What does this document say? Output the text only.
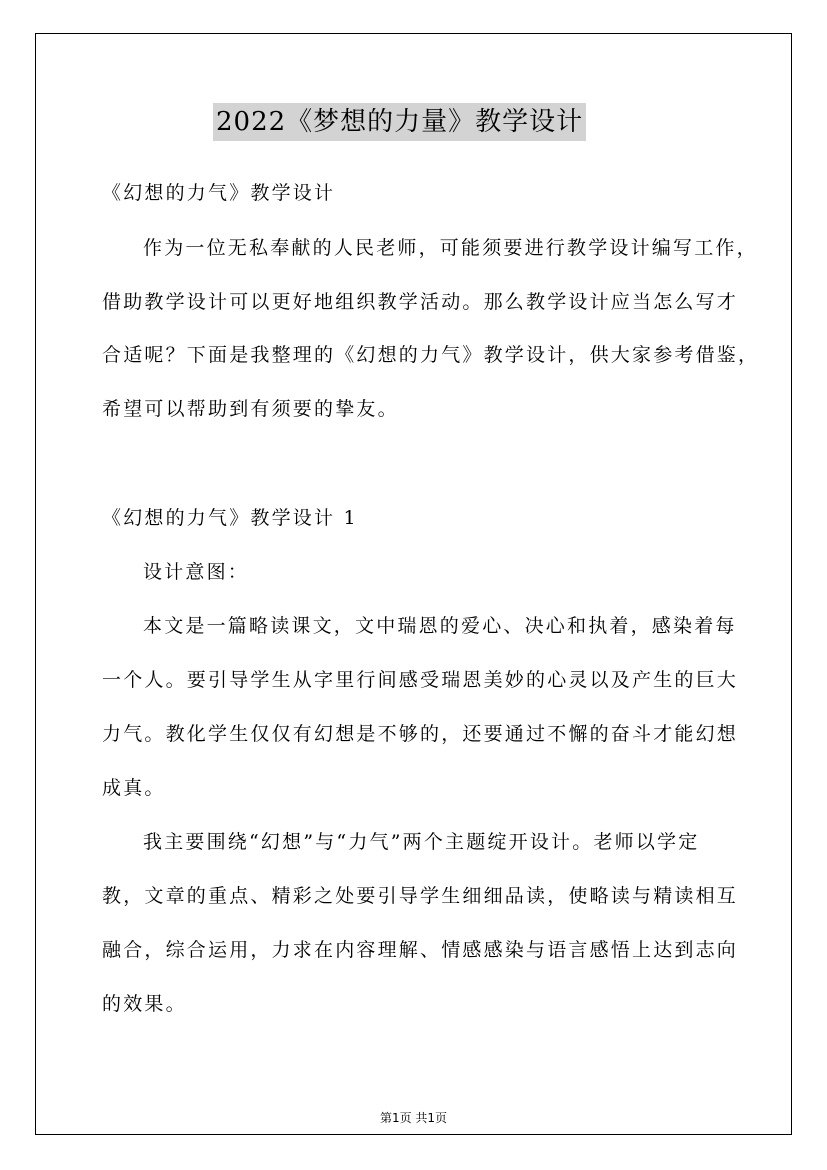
2022《梦想的力量》教学设计
《幻想的力气》教学设计
作为一位无私奉献的人民老师，可能须要进行教学设计编写工作，
借助教学设计可以更好地组织教学活动。那么教学设计应当怎么写才
合适呢？下面是我整理的《幻想的力气》教学设计，供大家参考借鉴，
希望可以帮助到有须要的挚友。
《幻想的力气》教学设计 1
设计意图：
本文是一篇略读课文，文中瑞恩的爱心、决心和执着，感染着每
一个人。要引导学生从字里行间感受瑞恩美妙的心灵以及产生的巨大
力气。教化学生仅仅有幻想是不够的，还要通过不懈的奋斗才能幻想
成真。
我主要围绕“幻想”与“力气”两个主题绽开设计。老师以学定
教，文章的重点、精彩之处要引导学生细细品读，使略读与精读相互
融合，综合运用，力求在内容理解、情感感染与语言感悟上达到志向
的效果。
第1页 共1页
